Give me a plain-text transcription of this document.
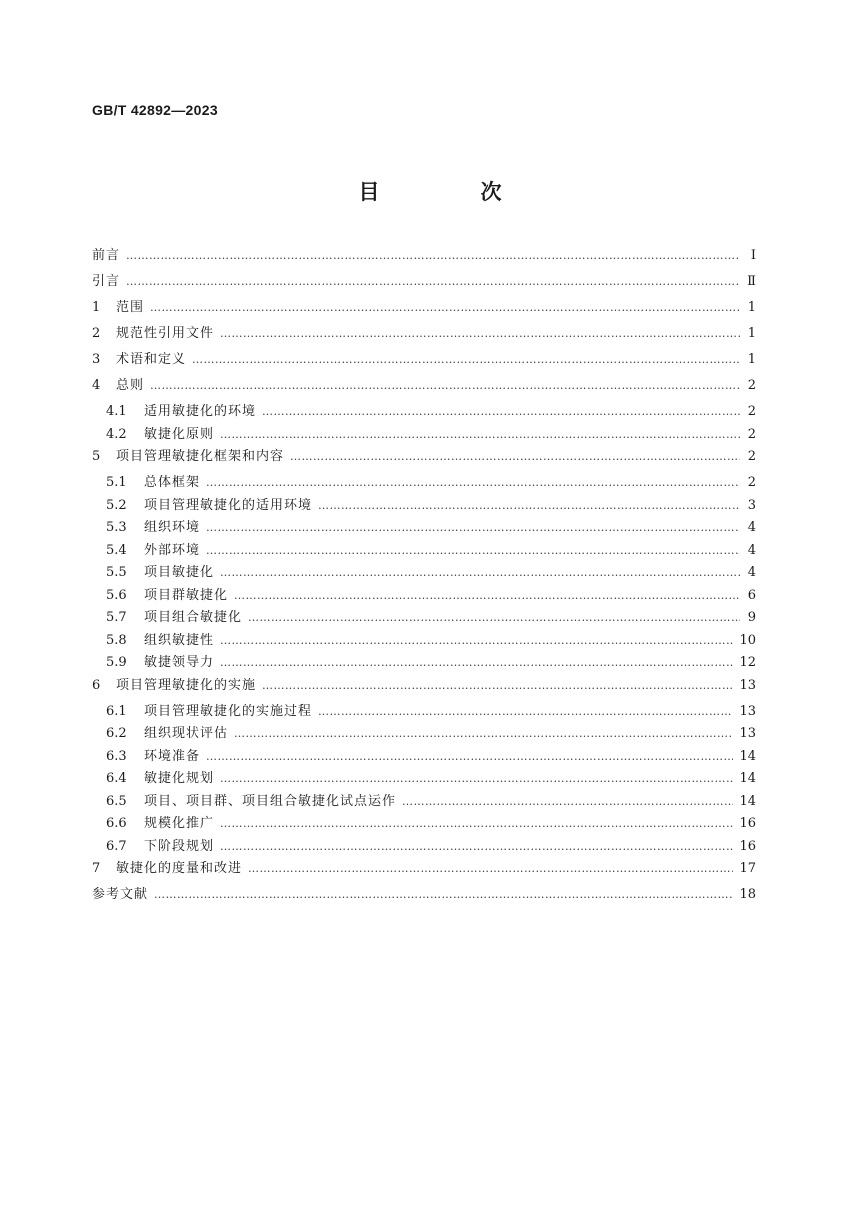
GB/T 42892—2023
目　次
前言 ……………………………………………………………………………………………………………………………………………………………………………………………………	Ⅰ
引言 ……………………………………………………………………………………………………………………………………………………………………………………………………	Ⅱ
1	范围 ……………………………………………………………………………………………………………………………………………………………………………………………………	1
2	规范性引用文件 ……………………………………………………………………………………………………………………………………………………………………………………………………	1
3	术语和定义 ……………………………………………………………………………………………………………………………………………………………………………………………………	1
4	总则 ……………………………………………………………………………………………………………………………………………………………………………………………………	2
4.1	适用敏捷化的环境 ……………………………………………………………………………………………………………………………………………………………………………………………………	2
4.2	敏捷化原则 ……………………………………………………………………………………………………………………………………………………………………………………………………	2
5	项目管理敏捷化框架和内容 ……………………………………………………………………………………………………………………………………………………………………………………………………	2
5.1	总体框架 ……………………………………………………………………………………………………………………………………………………………………………………………………	2
5.2	项目管理敏捷化的适用环境 ……………………………………………………………………………………………………………………………………………………………………………………………………	3
5.3	组织环境 ……………………………………………………………………………………………………………………………………………………………………………………………………	4
5.4	外部环境 ……………………………………………………………………………………………………………………………………………………………………………………………………	4
5.5	项目敏捷化 ……………………………………………………………………………………………………………………………………………………………………………………………………	4
5.6	项目群敏捷化 ……………………………………………………………………………………………………………………………………………………………………………………………………	6
5.7	项目组合敏捷化 ……………………………………………………………………………………………………………………………………………………………………………………………………	9
5.8	组织敏捷性 ……………………………………………………………………………………………………………………………………………………………………………………………………	10
5.9	敏捷领导力 ……………………………………………………………………………………………………………………………………………………………………………………………………	12
6	项目管理敏捷化的实施 ……………………………………………………………………………………………………………………………………………………………………………………………………	13
6.1	项目管理敏捷化的实施过程 ……………………………………………………………………………………………………………………………………………………………………………………………………	13
6.2	组织现状评估 ……………………………………………………………………………………………………………………………………………………………………………………………………	13
6.3	环境准备 ……………………………………………………………………………………………………………………………………………………………………………………………………	14
6.4	敏捷化规划 ……………………………………………………………………………………………………………………………………………………………………………………………………	14
6.5	项目、项目群、项目组合敏捷化试点运作 ……………………………………………………………………………………………………………………………………………………………………………………………………	14
6.6	规模化推广 ……………………………………………………………………………………………………………………………………………………………………………………………………	16
6.7	下阶段规划 ……………………………………………………………………………………………………………………………………………………………………………………………………	16
7	敏捷化的度量和改进 ……………………………………………………………………………………………………………………………………………………………………………………………………	17
参考文献 ……………………………………………………………………………………………………………………………………………………………………………………………………	18
